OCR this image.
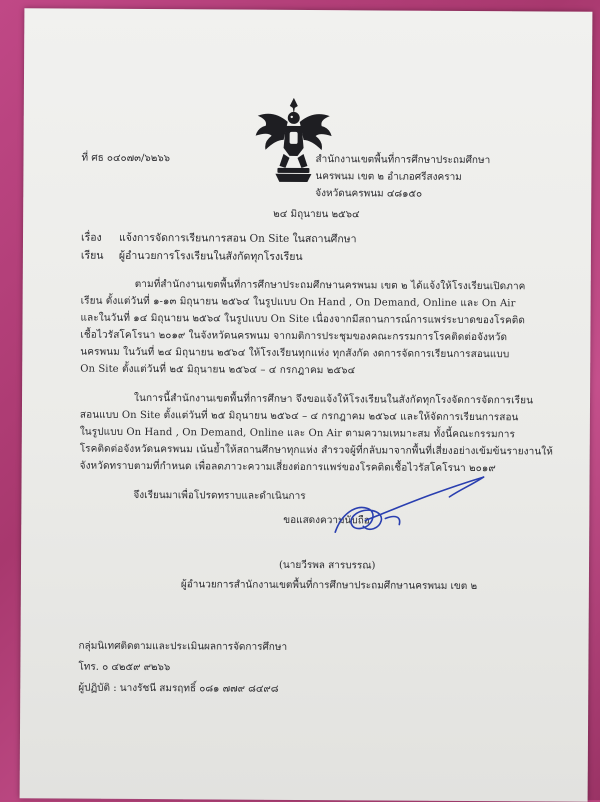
ที่ ศธ ๐๔๐๗๓/๖๒๖๖	สำนักงานเขตพื้นที่การศึกษาประถมศึกษา
นครพนม เขต ๒ อำเภอศรีสงคราม
จังหวัดนครพนม ๔๘๑๕๐
๒๔ มิถุนายน ๒๕๖๔
เรื่อง แจ้งการจัดการเรียนการสอน On Site ในสถานศึกษา
เรียน ผู้อำนวยการโรงเรียนในสังกัดทุกโรงเรียน
ตามที่สำนักงานเขตพื้นที่การศึกษาประถมศึกษานครพนม เขต ๒ ได้แจ้งให้โรงเรียนเปิดภาค
เรียน ตั้งแต่วันที่ ๑-๑๓ มิถุนายน ๒๕๖๔ ในรูปแบบ On Hand , On Demand, Online และ On Air
และในวันที่ ๑๔ มิถุนายน ๒๕๖๔ ในรูปแบบ On Site เนื่องจากมีสถานการณ์การแพร่ระบาดของโรคติด
เชื้อไวรัสโคโรนา ๒๐๑๙ ในจังหวัดนครพนม จากมติการประชุมของคณะกรรมการโรคติดต่อจังหวัด
นครพนม ในวันที่ ๒๔ มิถุนายน ๒๕๖๔ ให้โรงเรียนทุกแห่ง ทุกสังกัด งดการจัดการเรียนการสอนแบบ
On Site ตั้งแต่วันที่ ๒๕ มิถุนายน ๒๕๖๔ – ๔ กรกฎาคม ๒๕๖๔
ในการนี้สำนักงานเขตพื้นที่การศึกษา จึงขอแจ้งให้โรงเรียนในสังกัดทุกโรงจัดการจัดการเรียน
สอนแบบ On Site ตั้งแต่วันที่ ๒๕ มิถุนายน ๒๕๖๔ – ๔ กรกฎาคม ๒๕๖๔ และให้จัดการเรียนการสอน
ในรูปแบบ On Hand , On Demand, Online และ On Air ตามความเหมาะสม ทั้งนี้คณะกรรมการ
โรคติดต่อจังหวัดนครพนม เน้นย้ำให้สถานศึกษาทุกแห่ง สำรวจผู้ที่กลับมาจากพื้นที่เสี่ยงอย่างเข้มข้นรายงานให้
จังหวัดทราบตามที่กำหนด เพื่อลดภาวะความเสี่ยงต่อการแพร่ของโรคติดเชื้อไวรัสโคโรนา ๒๐๑๙
จึงเรียนมาเพื่อโปรดทราบและดำเนินการ
ขอแสดงความนับถือ
(นายวีรพล สารบรรณ)
ผู้อำนวยการสำนักงานเขตพื้นที่การศึกษาประถมศึกษานครพนม เขต ๒
กลุ่มนิเทศติดตามและประเมินผลการจัดการศึกษา
โทร. ๐ ๔๒๕๙ ๙๒๖๖
ผู้ปฏิบัติ : นางรัชนี สมรฤทธิ์ ๐๘๑ ๗๗๙ ๘๔๙๘
